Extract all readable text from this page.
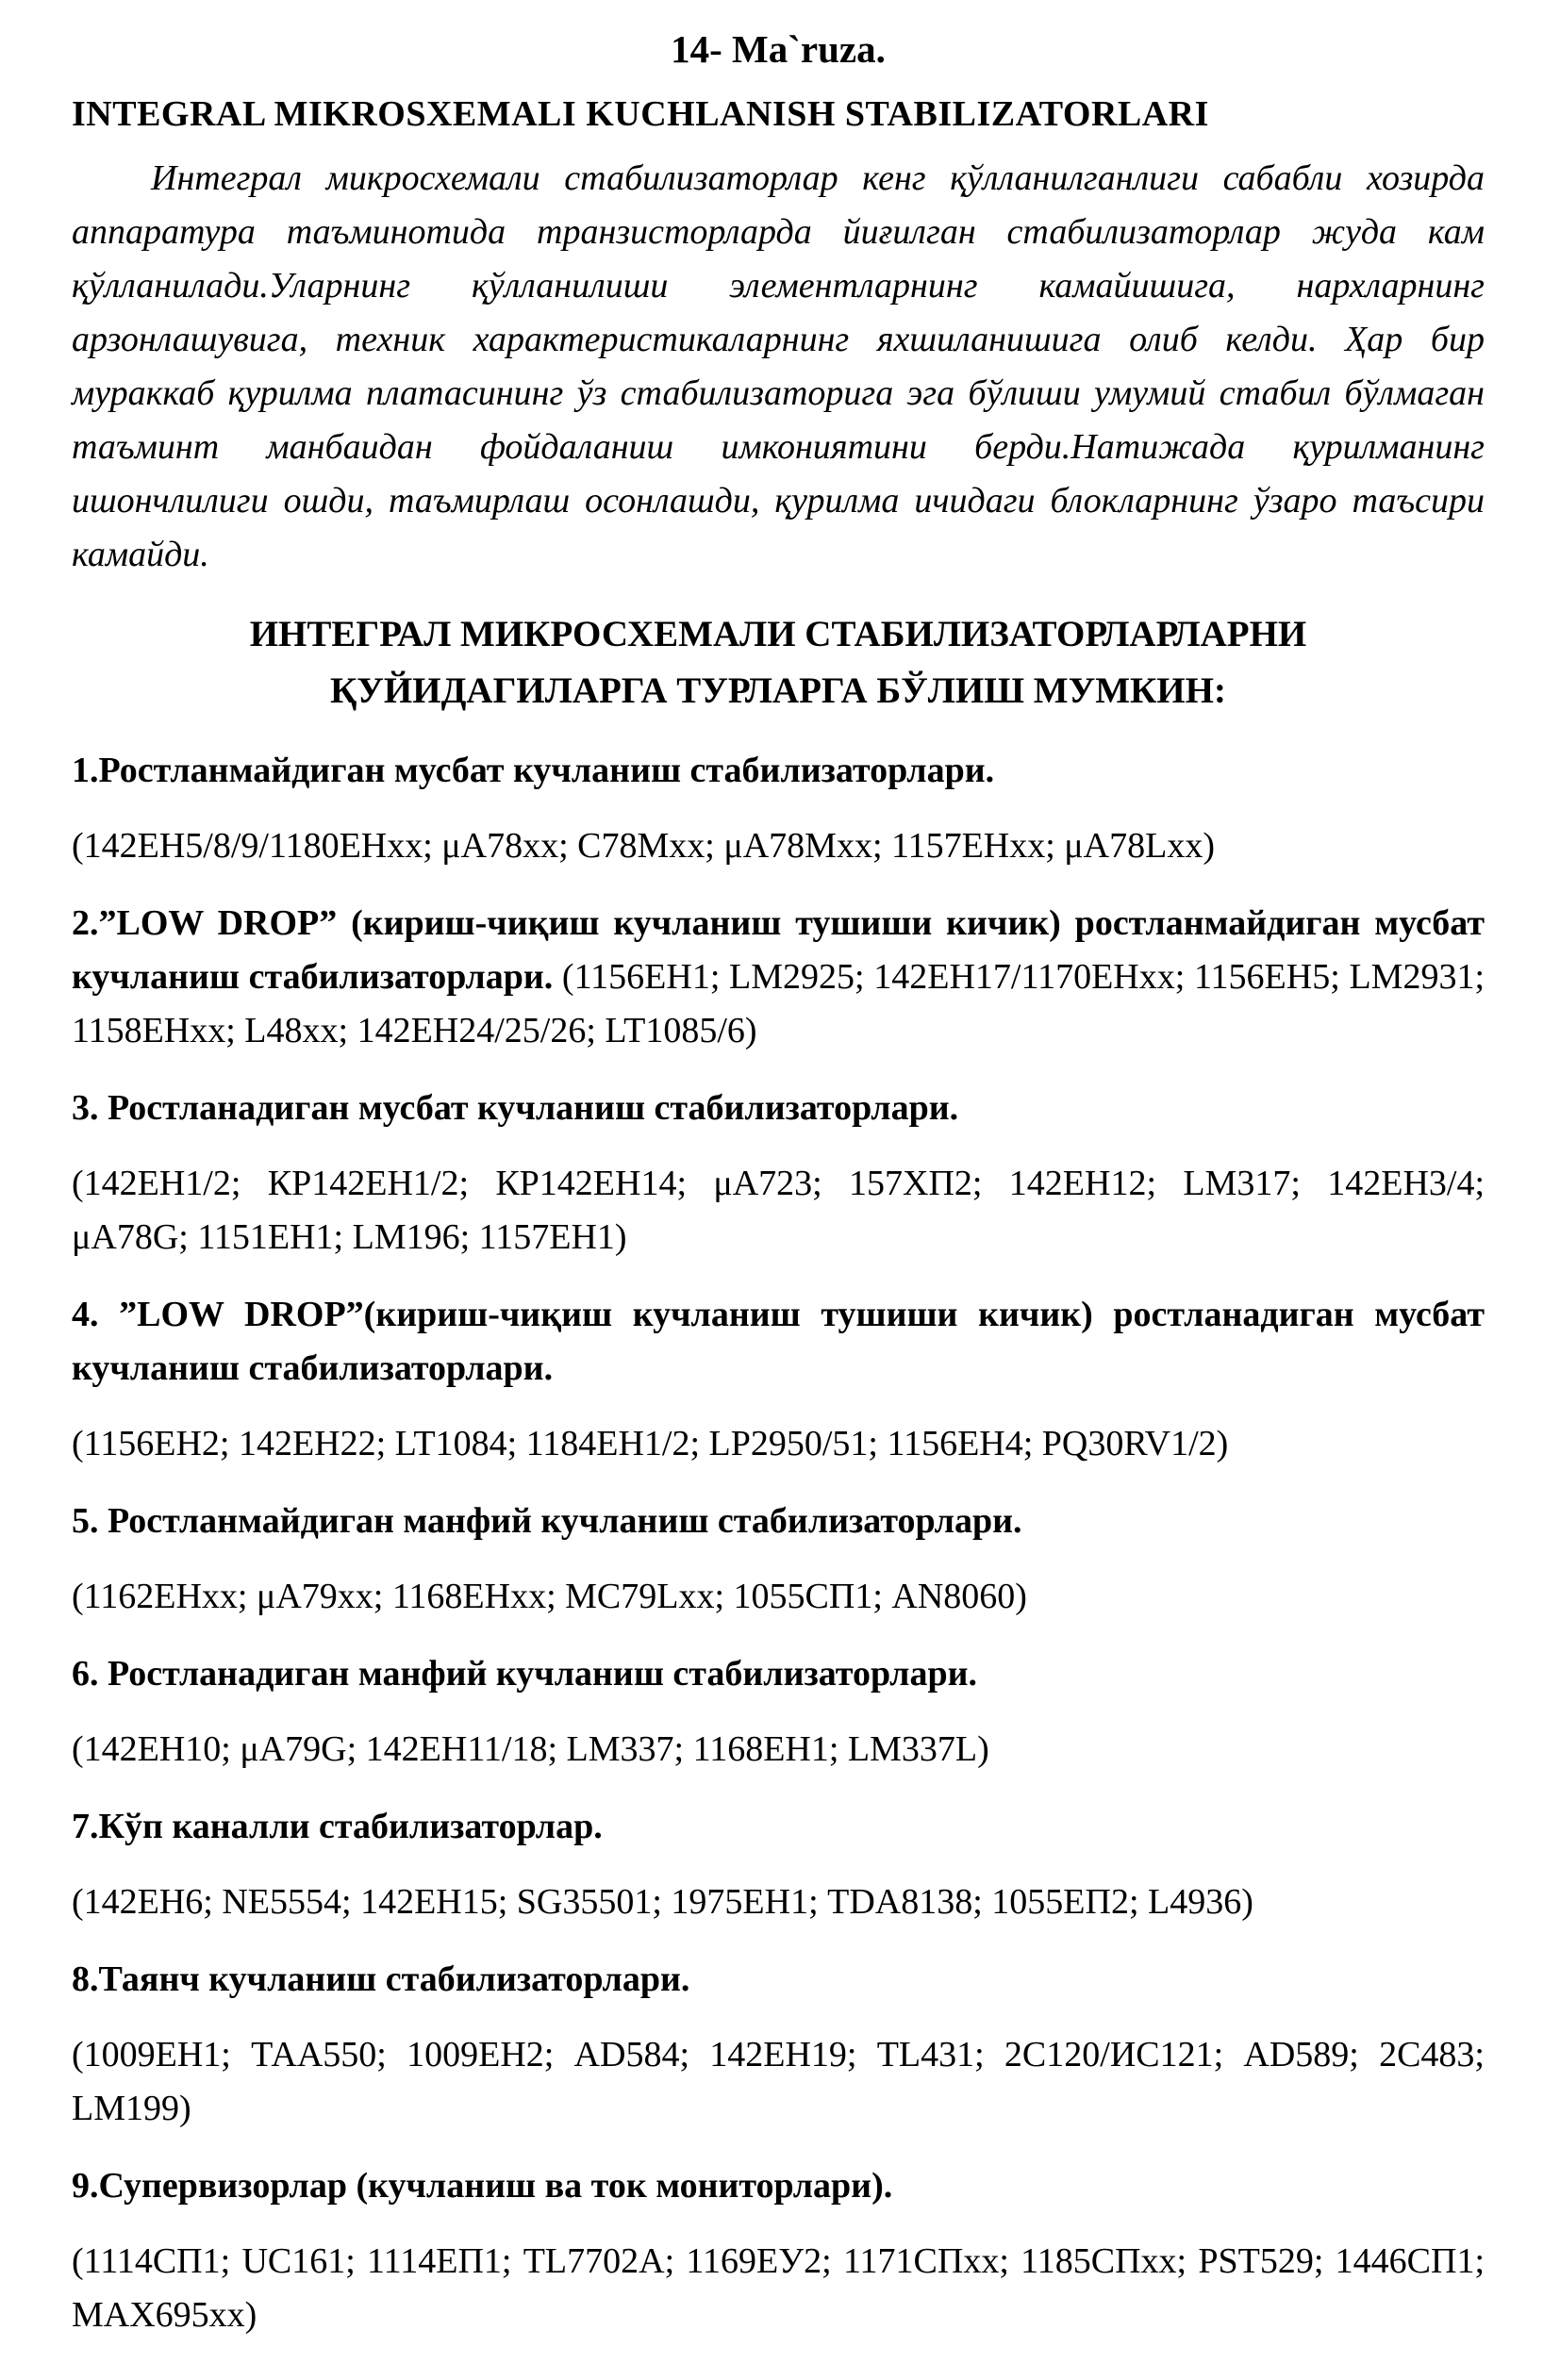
14- Ma`ruza.

INTEGRAL MIKROSXEMALI KUCHLANISH STABILIZATORLARI

Интеграл микросхемали стабилизаторлар кенг қўлланилганлиги сабабли хозирда аппаратура таъминотида транзисторларда йиғилган стабилизаторлар жуда кам қўлланилади.Уларнинг қўлланилиши элементларнинг камайишига, нархларнинг арзонлашувига, техник характеристикаларнинг яхшиланишига олиб келди. Ҳар бир мураккаб қурилма платасининг ўз стабилизаторига эга бўлиши умумий стабил бўлмаган таъминт манбаидан фойдаланиш имкониятини берди.Натижада қурилманинг ишончлилиги ошди, таъмирлаш осонлашди, қурилма ичидаги блокларнинг ўзаро таъсири камайди.

ИНТЕГРАЛ МИКРОСХЕМАЛИ СТАБИЛИЗАТОРЛАРЛАРНИ
ҚУЙИДАГИЛАРГА ТУРЛАРГА БЎЛИШ МУМКИН:

1.Ростланмайдиган мусбат кучланиш стабилизаторлари.

(142ЕН5/8/9/1180ЕНхх; μА78хх; С78Мхх; μА78Мхх; 1157ЕНхх; μА78Lхх)

2.”LOW DROP” (кириш-чиқиш кучланиш тушиши кичик) ростланмайдиган мусбат кучланиш стабилизаторлари. (1156ЕН1; LM2925; 142ЕН17/1170ЕНхх; 1156ЕН5; LM2931; 1158ЕНхх; L48хх; 142ЕН24/25/26; LT1085/6)

3. Ростланадиган мусбат кучланиш стабилизаторлари.

(142ЕН1/2; КР142ЕН1/2; КР142ЕН14; μА723; 157ХП2; 142ЕН12; LM317; 142ЕН3/4; μА78G; 1151ЕН1; LM196; 1157ЕН1)

4. ”LOW DROP”(кириш-чиқиш кучланиш тушиши кичик) ростланадиган мусбат кучланиш стабилизаторлари.

(1156ЕН2; 142ЕН22; LT1084; 1184ЕН1/2; LP2950/51; 1156ЕН4; PQ30RV1/2)

5. Ростланмайдиган манфий кучланиш стабилизаторлари.

(1162ЕНхх; μА79хх; 1168ЕНхх; МС79Lхх; 1055СП1; AN8060)

6. Ростланадиган манфий кучланиш стабилизаторлари.

(142ЕН10; μА79G; 142ЕН11/18; LM337; 1168ЕН1; LM337L)

7.Кўп каналли стабилизаторлар.

(142ЕН6; NE5554; 142ЕН15; SG35501; 1975ЕН1; TDA8138; 1055ЕП2; L4936)

8.Таянч кучланиш стабилизаторлари.

(1009ЕН1; ТАА550; 1009ЕН2; AD584; 142ЕН19; TL431; 2С120/ИС121; AD589; 2С483; LM199)

9.Супервизорлар (кучланиш ва ток мониторлари).

(1114СП1; UC161; 1114ЕП1; TL7702А; 1169ЕУ2; 1171СПхх; 1185СПхх; PST529; 1446СП1; МАХ695хх)
